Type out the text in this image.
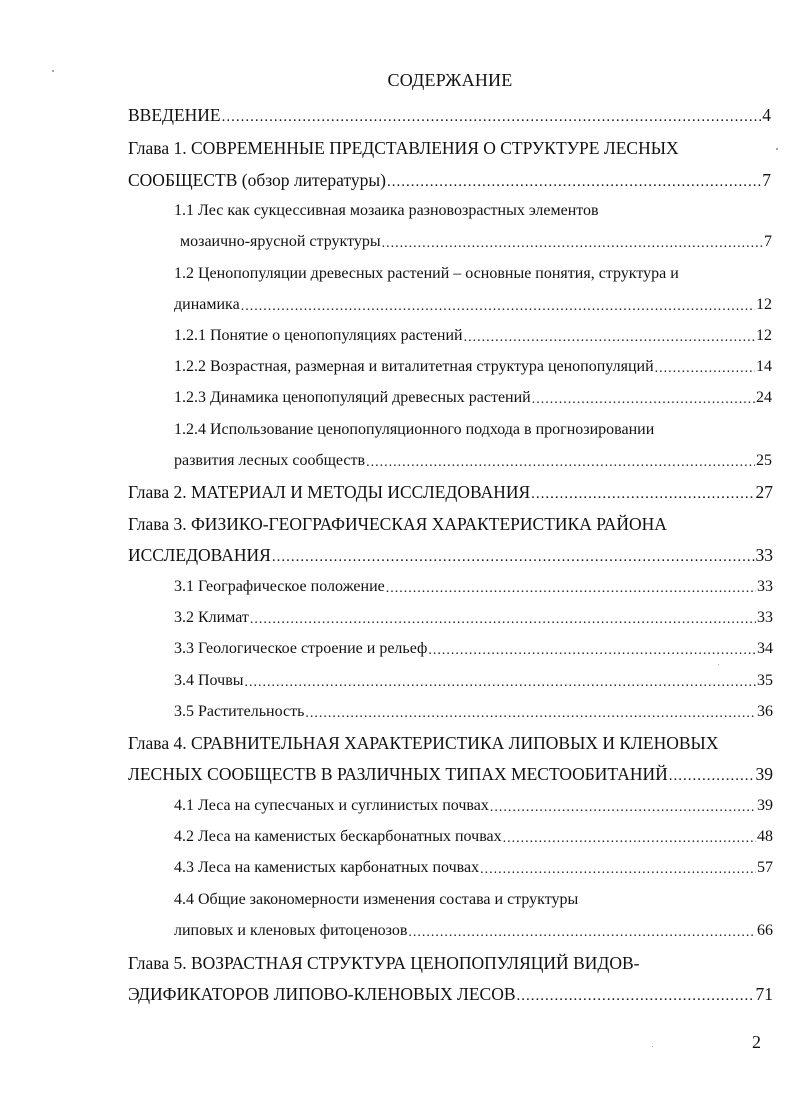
СОДЕРЖАНИЕ
ВВЕДЕНИЕ .....	4
Глава 1. СОВРЕМЕННЫЕ ПРЕДСТАВЛЕНИЯ О СТРУКТУРЕ ЛЕСНЫХ
СООБЩЕСТВ (обзор литературы) .....	7
1.1 Лес как сукцессивная мозаика разновозрастных элементов
мозаично-ярусной структуры .....	7
1.2 Ценопопуляции древесных растений – основные понятия, структура и
динамика .....	12
1.2.1 Понятие о ценопопуляциях растений .....	12
1.2.2 Возрастная, размерная и виталитетная структура ценопопуляций .....	14
1.2.3 Динамика ценопопуляций древесных растений .....	24
1.2.4 Использование ценопопуляционного подхода в прогнозировании
развития лесных сообществ .....	25
Глава 2. МАТЕРИАЛ И МЕТОДЫ ИССЛЕДОВАНИЯ .....	27
Глава 3. ФИЗИКО-ГЕОГРАФИЧЕСКАЯ ХАРАКТЕРИСТИКА РАЙОНА
ИССЛЕДОВАНИЯ .....	33
3.1 Географическое положение .....	33
3.2 Климат .....	33
3.3 Геологическое строение и рельеф .....	34
3.4 Почвы .....	35
3.5 Растительность .....	36
Глава 4. СРАВНИТЕЛЬНАЯ ХАРАКТЕРИСТИКА ЛИПОВЫХ И КЛЕНОВЫХ
ЛЕСНЫХ СООБЩЕСТВ В РАЗЛИЧНЫХ ТИПАХ МЕСТООБИТАНИЙ .....	39
4.1 Леса на супесчаных и суглинистых почвах .....	39
4.2 Леса на каменистых бескарбонатных почвах .....	48
4.3 Леса на каменистых карбонатных почвах .....	57
4.4 Общие закономерности изменения состава и структуры
липовых и кленовых фитоценозов .....	66
Глава 5. ВОЗРАСТНАЯ СТРУКТУРА ЦЕНОПОПУЛЯЦИЙ ВИДОВ-
ЭДИФИКАТОРОВ ЛИПОВО-КЛЕНОВЫХ ЛЕСОВ .....	71
2
